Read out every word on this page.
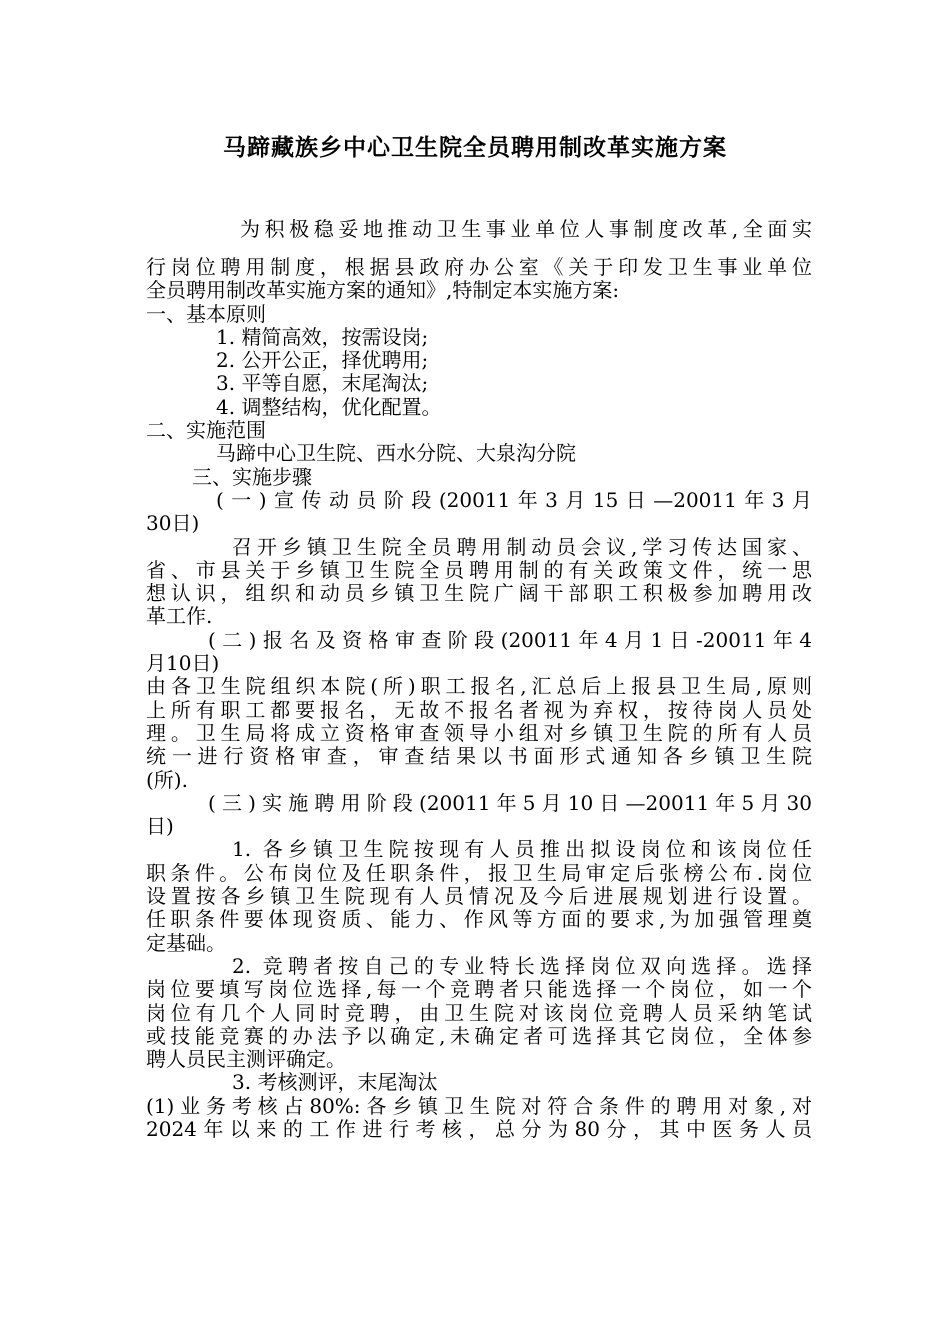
马蹄藏族乡中心卫生院全员聘用制改革实施方案

为积极稳妥地推动卫生事业单位人事制度改革,全面实

行岗位聘用制度，根据县政府办公室《关于印发卫生事业单位

全员聘用制改革实施方案的通知》,特制定本实施方案:

一、基本原则

1. 精简高效，按需设岗;

2. 公开公正，择优聘用;

3. 平等自愿，末尾淘汰;

4. 调整结构，优化配置。

二、实施范围

马蹄中心卫生院、西水分院、大泉沟分院

三、实施步骤

(一)宣传动员阶段(20011年3月15日—20011年3月

30日)

召开乡镇卫生院全员聘用制动员会议,学习传达国家、

省、市县关于乡镇卫生院全员聘用制的有关政策文件，统一思

想认识，组织和动员乡镇卫生院广阔干部职工积极参加聘用改

革工作.

(二)报名及资格审查阶段(20011年4月1日-20011年4

月10日)

由各卫生院组织本院(所)职工报名,汇总后上报县卫生局,原则

上所有职工都要报名，无故不报名者视为弃权，按待岗人员处

理。卫生局将成立资格审查领导小组对乡镇卫生院的所有人员

统一进行资格审查，审查结果以书面形式通知各乡镇卫生院

(所).

(三)实施聘用阶段(20011年5月10日—20011年5月30

日)

1. 各乡镇卫生院按现有人员推出拟设岗位和该岗位任

职条件。公布岗位及任职条件，报卫生局审定后张榜公布.岗位

设置按各乡镇卫生院现有人员情况及今后进展规划进行设置。

任职条件要体现资质、能力、作风等方面的要求,为加强管理奠

定基础。

2. 竞聘者按自己的专业特长选择岗位双向选择。选择

岗位要填写岗位选择,每一个竞聘者只能选择一个岗位，如一个

岗位有几个人同时竞聘，由卫生院对该岗位竞聘人员采纳笔试

或技能竞赛的办法予以确定,未确定者可选择其它岗位，全体参

聘人员民主测评确定。

3. 考核测评，末尾淘汰

(1)业务考核占80%:各乡镇卫生院对符合条件的聘用对象,对

2024年以来的工作进行考核，总分为80分，其中医务人员
